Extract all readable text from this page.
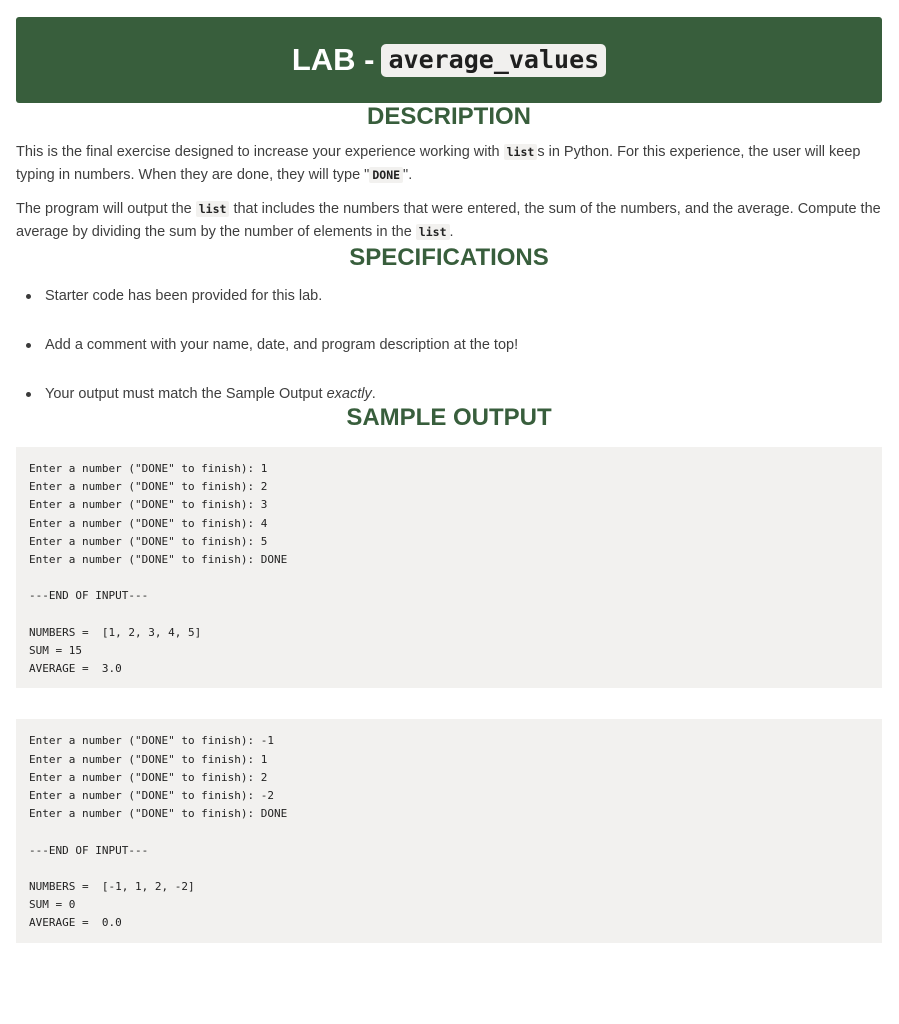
LAB - average_values
DESCRIPTION

This is the final exercise designed to increase your experience working with list s in Python. For this experience, the user will keep typing in numbers. When they are done, they will type " DONE ".

The program will output the list that includes the numbers that were entered, the sum of the numbers, and the average. Compute the average by dividing the sum by the number of elements in the list .

SPECIFICATIONS
Starter code has been provided for this lab.
Add a comment with your name, date, and program description at the top!
Your output must match the Sample Output exactly.
SAMPLE OUTPUT
Enter a number ("DONE" to finish): 1
Enter a number ("DONE" to finish): 2
Enter a number ("DONE" to finish): 3
Enter a number ("DONE" to finish): 4
Enter a number ("DONE" to finish): 5
Enter a number ("DONE" to finish): DONE

---END OF INPUT---

NUMBERS =  [1, 2, 3, 4, 5]
SUM = 15
AVERAGE =  3.0
Enter a number ("DONE" to finish): -1
Enter a number ("DONE" to finish): 1
Enter a number ("DONE" to finish): 2
Enter a number ("DONE" to finish): -2
Enter a number ("DONE" to finish): DONE

---END OF INPUT---

NUMBERS =  [-1, 1, 2, -2]
SUM = 0
AVERAGE =  0.0
